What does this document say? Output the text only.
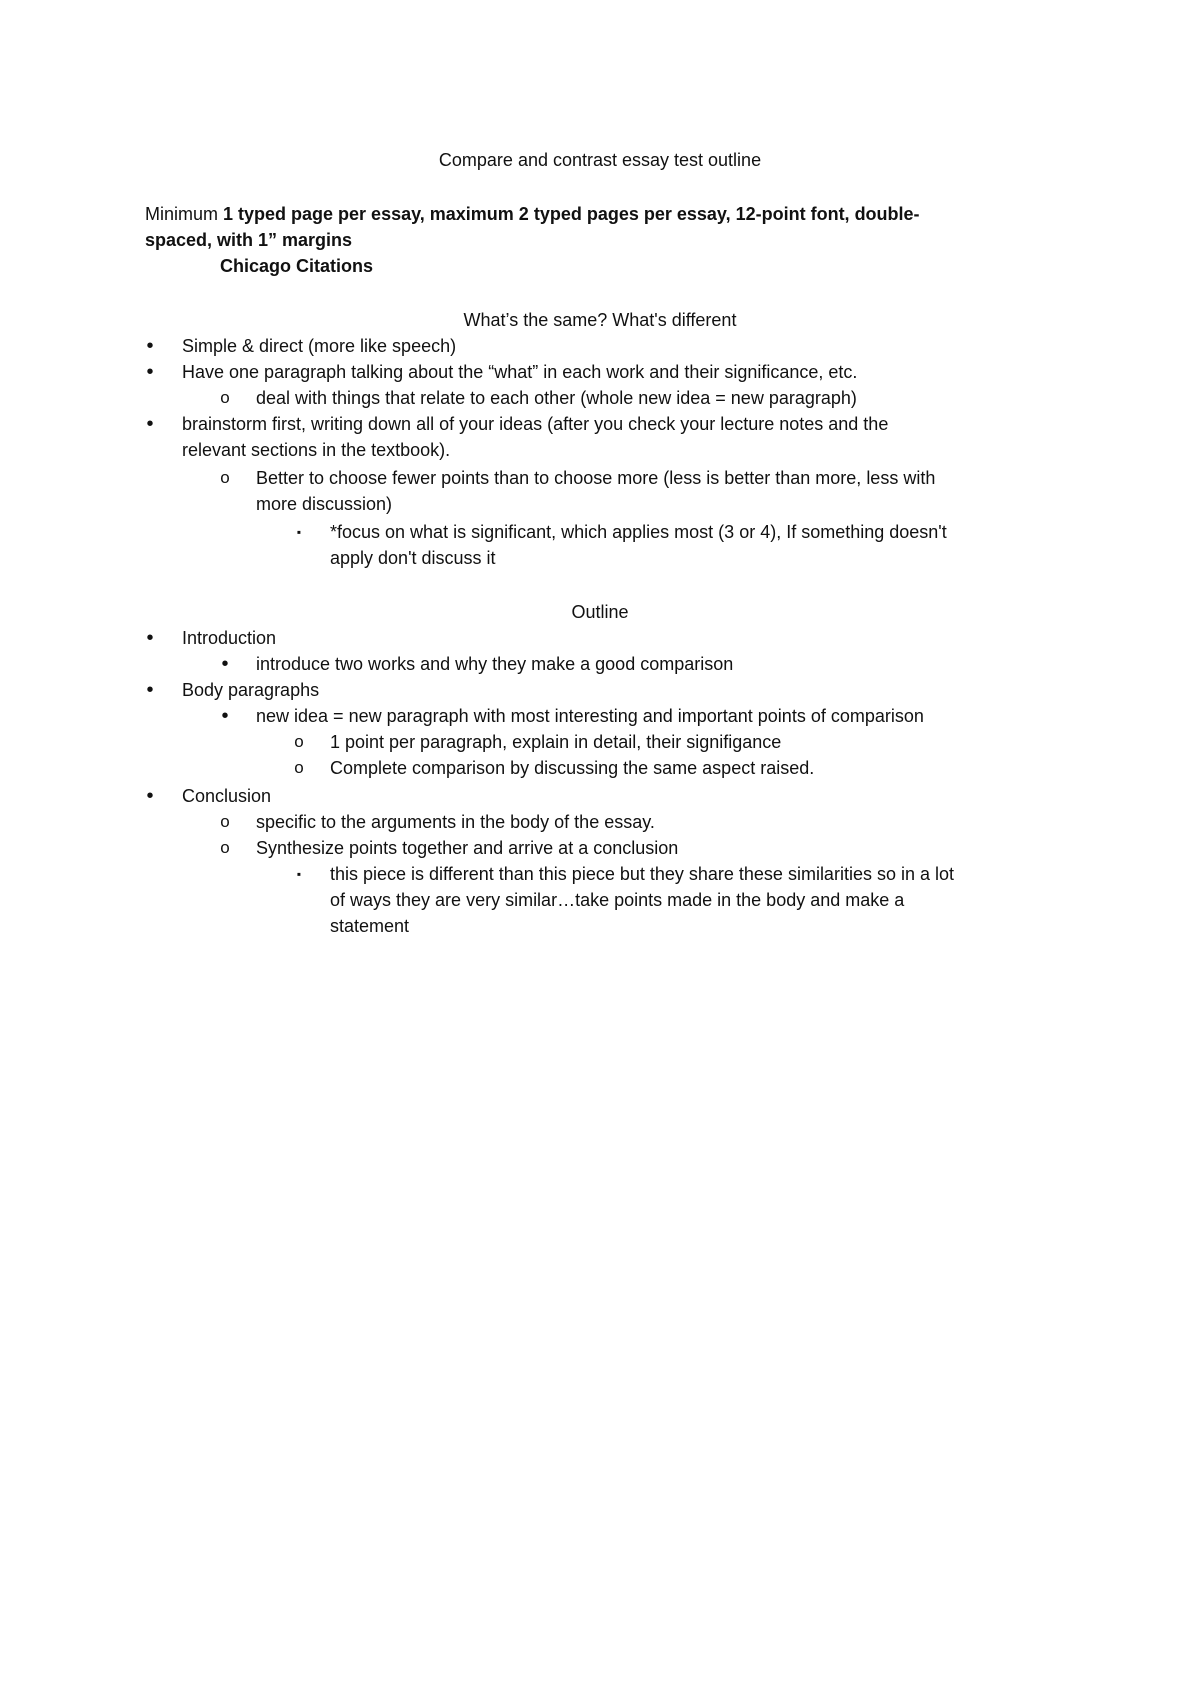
Compare and contrast essay test outline
Minimum 1 typed page per essay, maximum 2 typed pages per essay, 12-point font, double-
spaced, with 1” margins
Chicago Citations
What’s the same? What's different
• Simple & direct (more like speech)
• Have one paragraph talking about the “what” in each work and their significance, etc.
o deal with things that relate to each other (whole new idea = new paragraph)
• brainstorm first, writing down all of your ideas (after you check your lecture notes and the
relevant sections in the textbook).
o Better to choose fewer points than to choose more (less is better than more, less with
more discussion)
▪	*focus on what is significant, which applies most (3 or 4), If something doesn't
apply don't discuss it
Outline
• Introduction
• introduce two works and why they make a good comparison
• Body paragraphs
• new idea = new paragraph with most interesting and important points of comparison
o 1 point per paragraph, explain in detail, their signifigance
o Complete comparison by discussing the same aspect raised.
• Conclusion
o specific to the arguments in the body of the essay.
o Synthesize points together and arrive at a conclusion
▪	this piece is different than this piece but they share these similarities so in a lot
of ways they are very similar…take points made in the body and make a
statement
